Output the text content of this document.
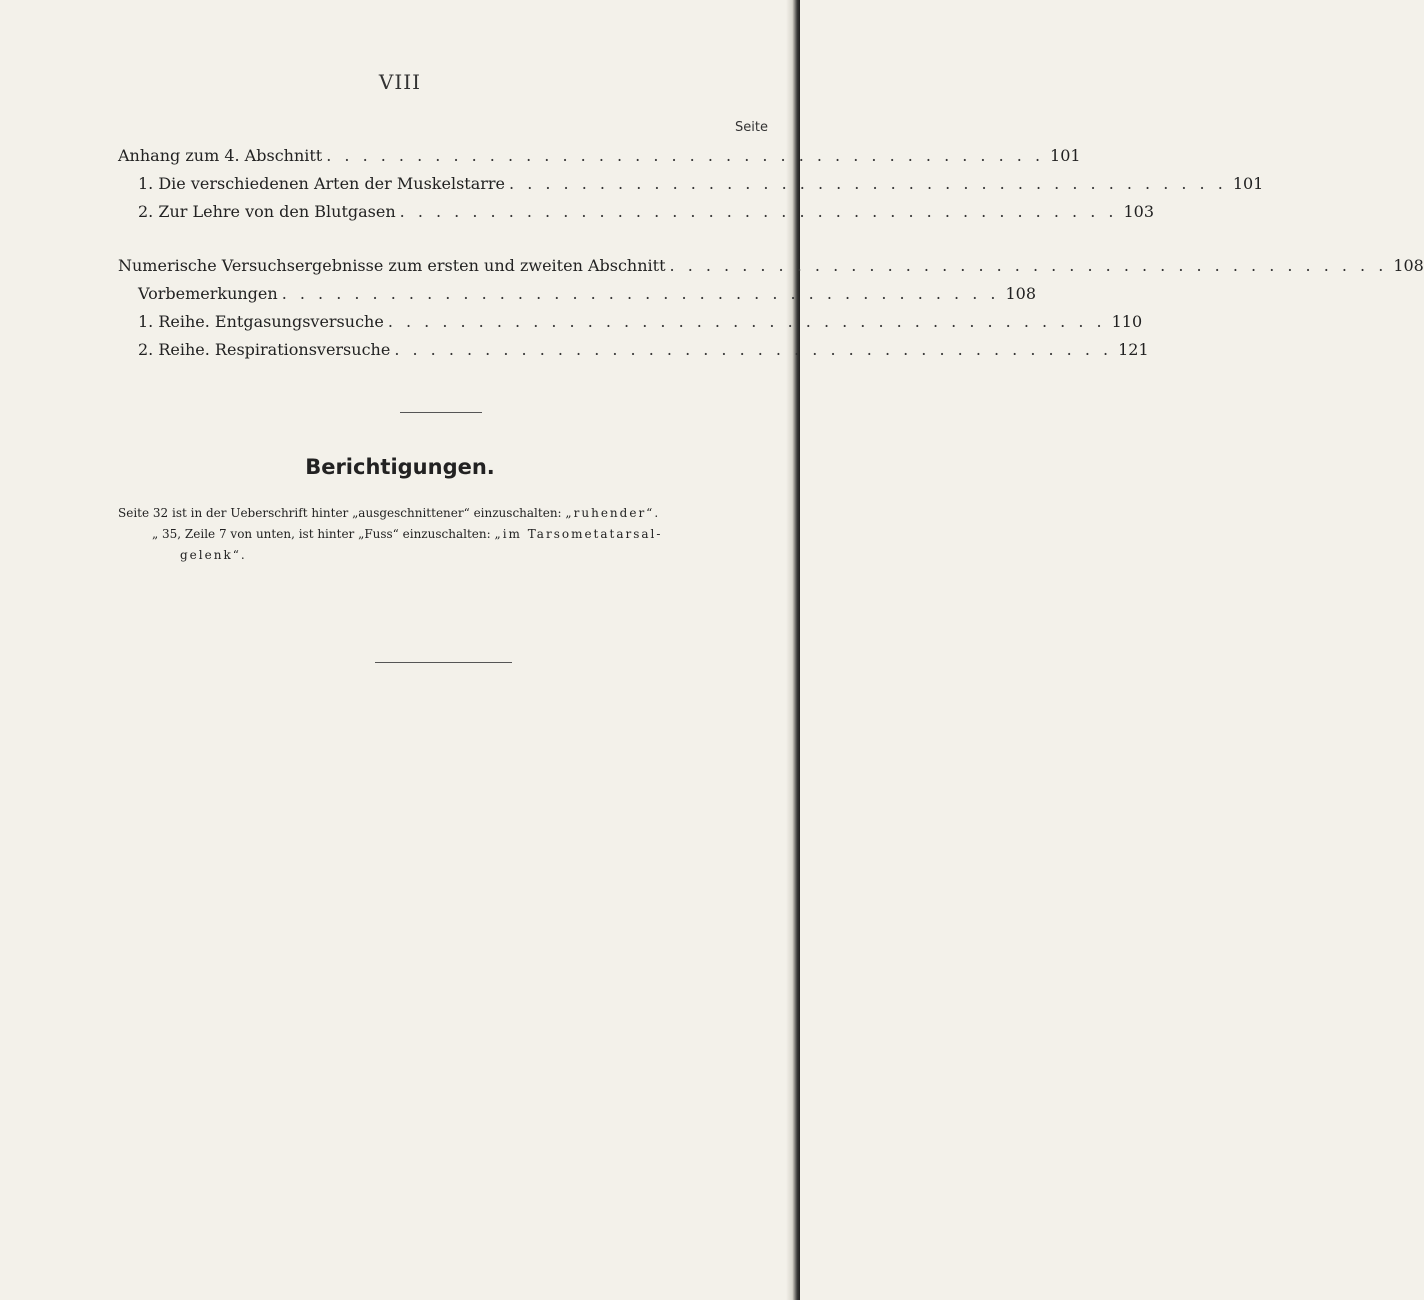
VIII
Seite
Anhang zum 4. Abschnitt . . . . . . . . . . . . . . . . . . . . . . . . . . . . . . . . . . . . . . . . 101
1. Die verschiedenen Arten der Muskelstarre . . . . . . . . . . . . . . . . . . . . . . . . . . . . . . . . . . . . . . . . 101
2. Zur Lehre von den Blutgasen . . . . . . . . . . . . . . . . . . . . . . . . . . . . . . . . . . . . . . . . 103
Numerische Versuchsergebnisse zum ersten und zweiten Abschnitt . . . . . . . . . . . . . . . . . . . . . . . . . . . . . . . . . . . . . . . . 108
Vorbemerkungen . . . . . . . . . . . . . . . . . . . . . . . . . . . . . . . . . . . . . . . . 108
1. Reihe. Entgasungsversuche . . . . . . . . . . . . . . . . . . . . . . . . . . . . . . . . . . . . . . . . 110
2. Reihe. Respirationsversuche . . . . . . . . . . . . . . . . . . . . . . . . . . . . . . . . . . . . . . . . 121
Berichtigungen.
Seite 32 ist in der Ueberschrift hinter „ausgeschnittener“ einzuschalten: „ruhender“.
„ 35, Zeile 7 von unten, ist hinter „Fuss“ einzuschalten: „im Tarsometatarsal-
gelenk“.
